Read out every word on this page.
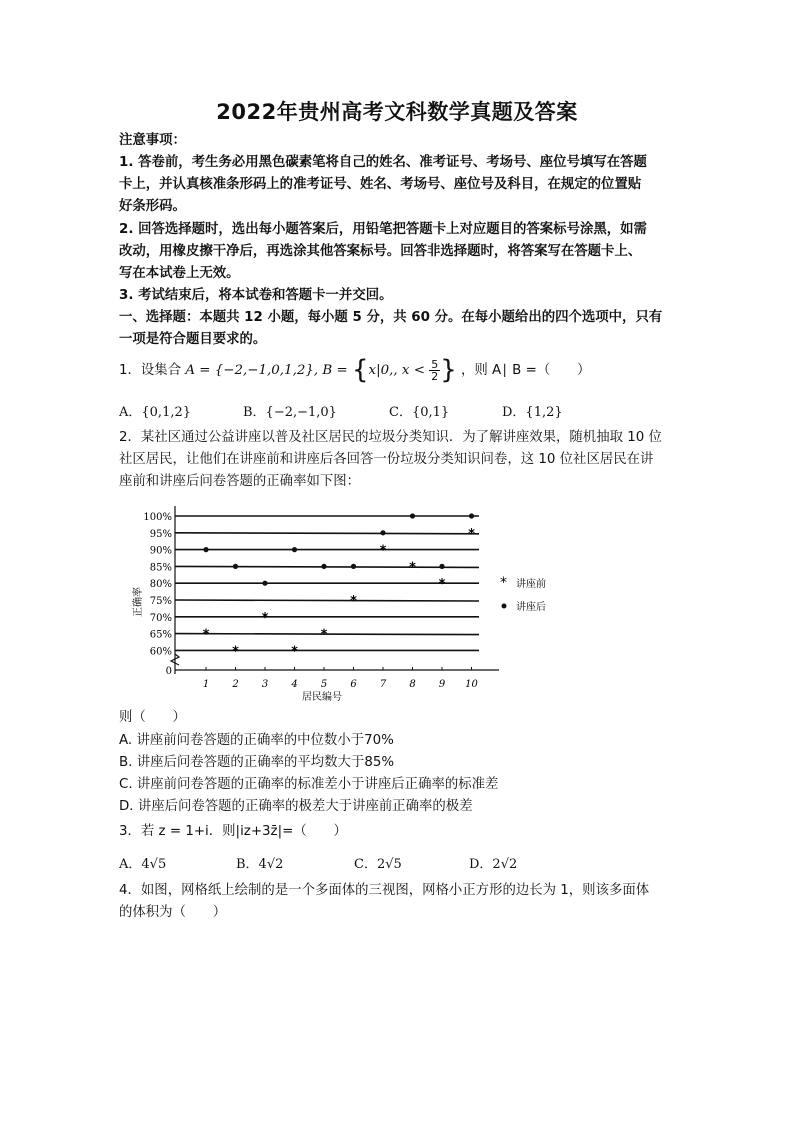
2022年贵州高考文科数学真题及答案
注意事项：
1. 答卷前，考生务必用黑色碳素笔将自己的姓名、准考证号、考场号、座位号填写在答题
卡上，并认真核准条形码上的准考证号、姓名、考场号、座位号及科目，在规定的位置贴
好条形码。
2. 回答选择题时，选出每小题答案后，用铅笔把答题卡上对应题目的答案标号涂黑，如需
改动，用橡皮擦干净后，再选涂其他答案标号。回答非选择题时，将答案写在答题卡上、
写在本试卷上无效。
3. 考试结束后，将本试卷和答题卡一并交回。
一、选择题：本题共 12 小题，每小题 5 分，共 60 分。在每小题给出的四个选项中，只有
一项是符合题目要求的。
1．设集合 A = {−2,−1,0,1,2}, B = {x|0,, $x < \frac{5}{2}$ } ，则 A∣ B =（　　）
A．{0,1,2}	B．{−2,−1,0}	C．{0,1}	D．{1,2}
2．某社区通过公益讲座以普及社区居民的垃圾分类知识．为了解讲座效果，随机抽取 10 位
社区居民，让他们在讲座前和讲座后各回答一份垃圾分类知识问卷，这 10 位社区居民在讲
座前和讲座后问卷答题的正确率如下图：
100%
95%
90%
85%
80%
75%
70%
65%
60%
0
1 2 3 4 5 6 7 8 9 10
*
*
*
*
*
*
*
*
*
*
正确率
居民编号
* 讲座前
讲座后
则（　　）
A. 讲座前问卷答题的正确率的中位数小于70%
B. 讲座后问卷答题的正确率的平均数大于85%
C. 讲座前问卷答题的正确率的标准差小于讲座后正确率的标准差
D. 讲座后问卷答题的正确率的极差大于讲座前正确率的极差
3．若 z = 1+i．则|iz+3z̄|=（　　）
A．4√5	B．4√2	C．2√5	D．2√2
4．如图，网格纸上绘制的是一个多面体的三视图，网格小正方形的边长为 1，则该多面体
的体积为（　　）
